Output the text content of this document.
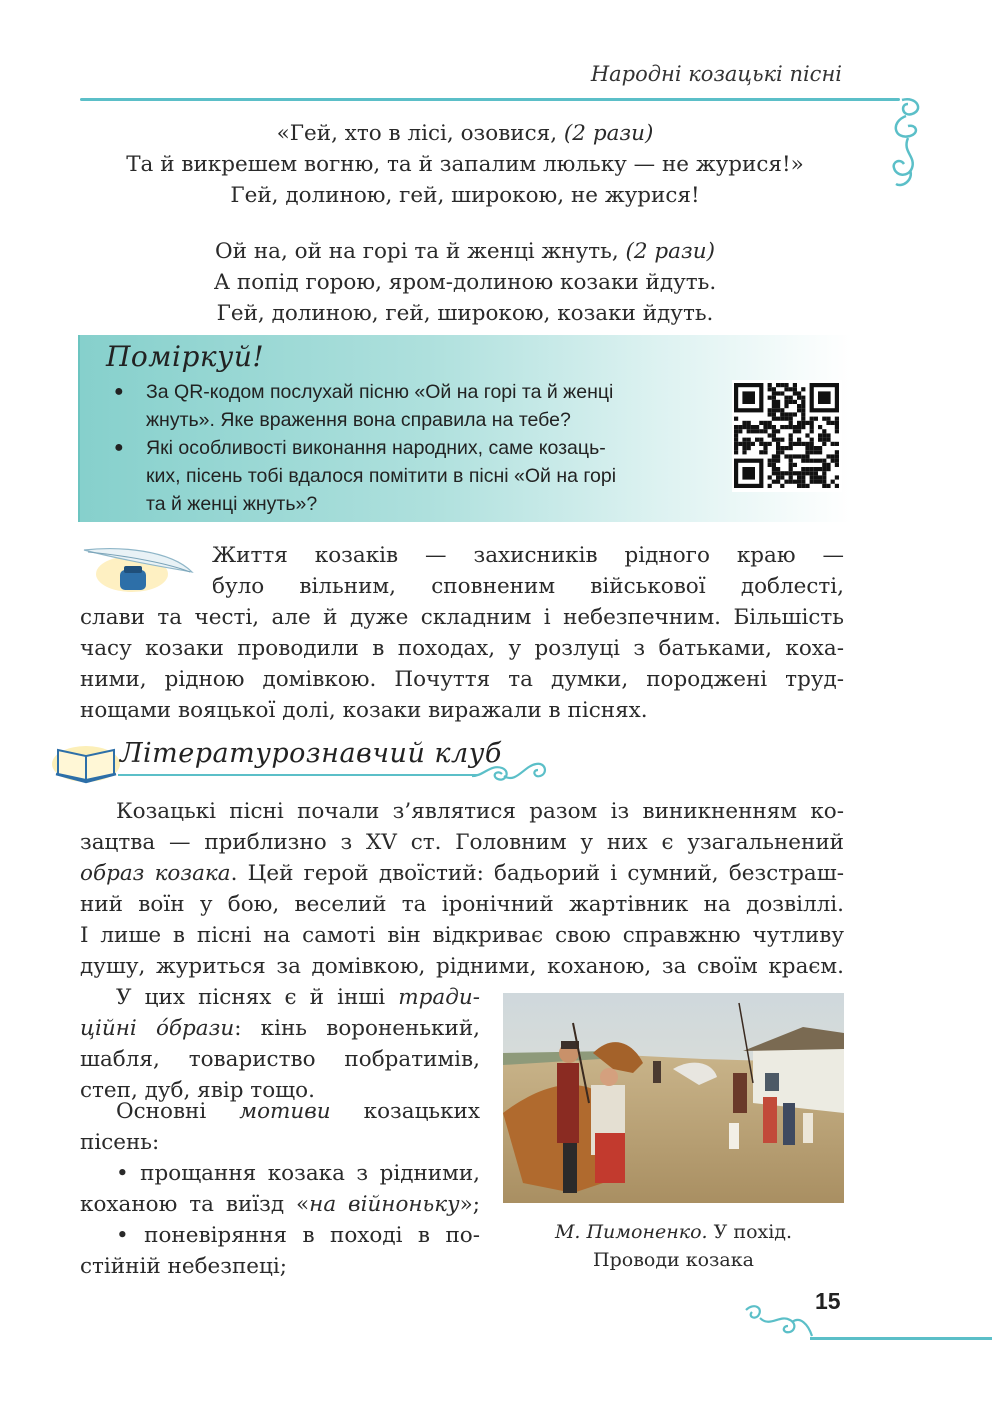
Народні козацькі пісні
«Гей, хто в лісі, озовися, (2 рази)
Та й викрешем вогню, та й запалим люльку — не журися!»
Гей, долиною, гей, широкою, не журися!
Ой на, ой на горі та й женці жнуть, (2 рази)
А попід горою, яром-долиною козаки йдуть.
Гей, долиною, гей, широкою, козаки йдуть.
Поміркуй!
●	За QR-кодом послухай пісню «Ой на горі та й женці
жнуть». Яке враження вона справила на тебе?
●	Які особливості виконання народних, саме козаць-
ких, пісень тобі вдалося помітити в пісні «Ой на горі
та й женці жнуть»?
Життя козаків — захисників рідного краю —
було вільним, сповненим військової доблесті,
слави та честі, але й дуже складним і небезпечним. Більшість
часу козаки проводили в походах, у розлуці з батьками, коха-
ними, рідною домівкою. Почуття та думки, породжені труд-
нощами вояцької долі, козаки виражали в піснях.
Літературознавчий клуб
Козацькі пісні почали з’являтися разом із виникненням ко-
зацтва — приблизно з XV ст. Головним у них є узагальнений
образ козака. Цей герой двоїстий: бадьорий і сумний, безстраш-
ний воїн у бою, веселий та іронічний жартівник на дозвіллі.
І лише в пісні на самоті він відкриває свою справжню чутливу
душу, журиться за домівкою, рідними, коханою, за своїм краєм.
У цих піснях є й інші тради-
ційні óбрази: кінь вороненький,
шабля, товариство побратимів,
степ, дуб, явір тощо.
Основні мотиви козацьких
пісень:
• прощання козака з рідними,
коханою та виїзд «на війноньку»;
• поневіряння в поході в по-
стійній небезпеці;
М. Пимоненко. У похід.
Проводи козака
15
